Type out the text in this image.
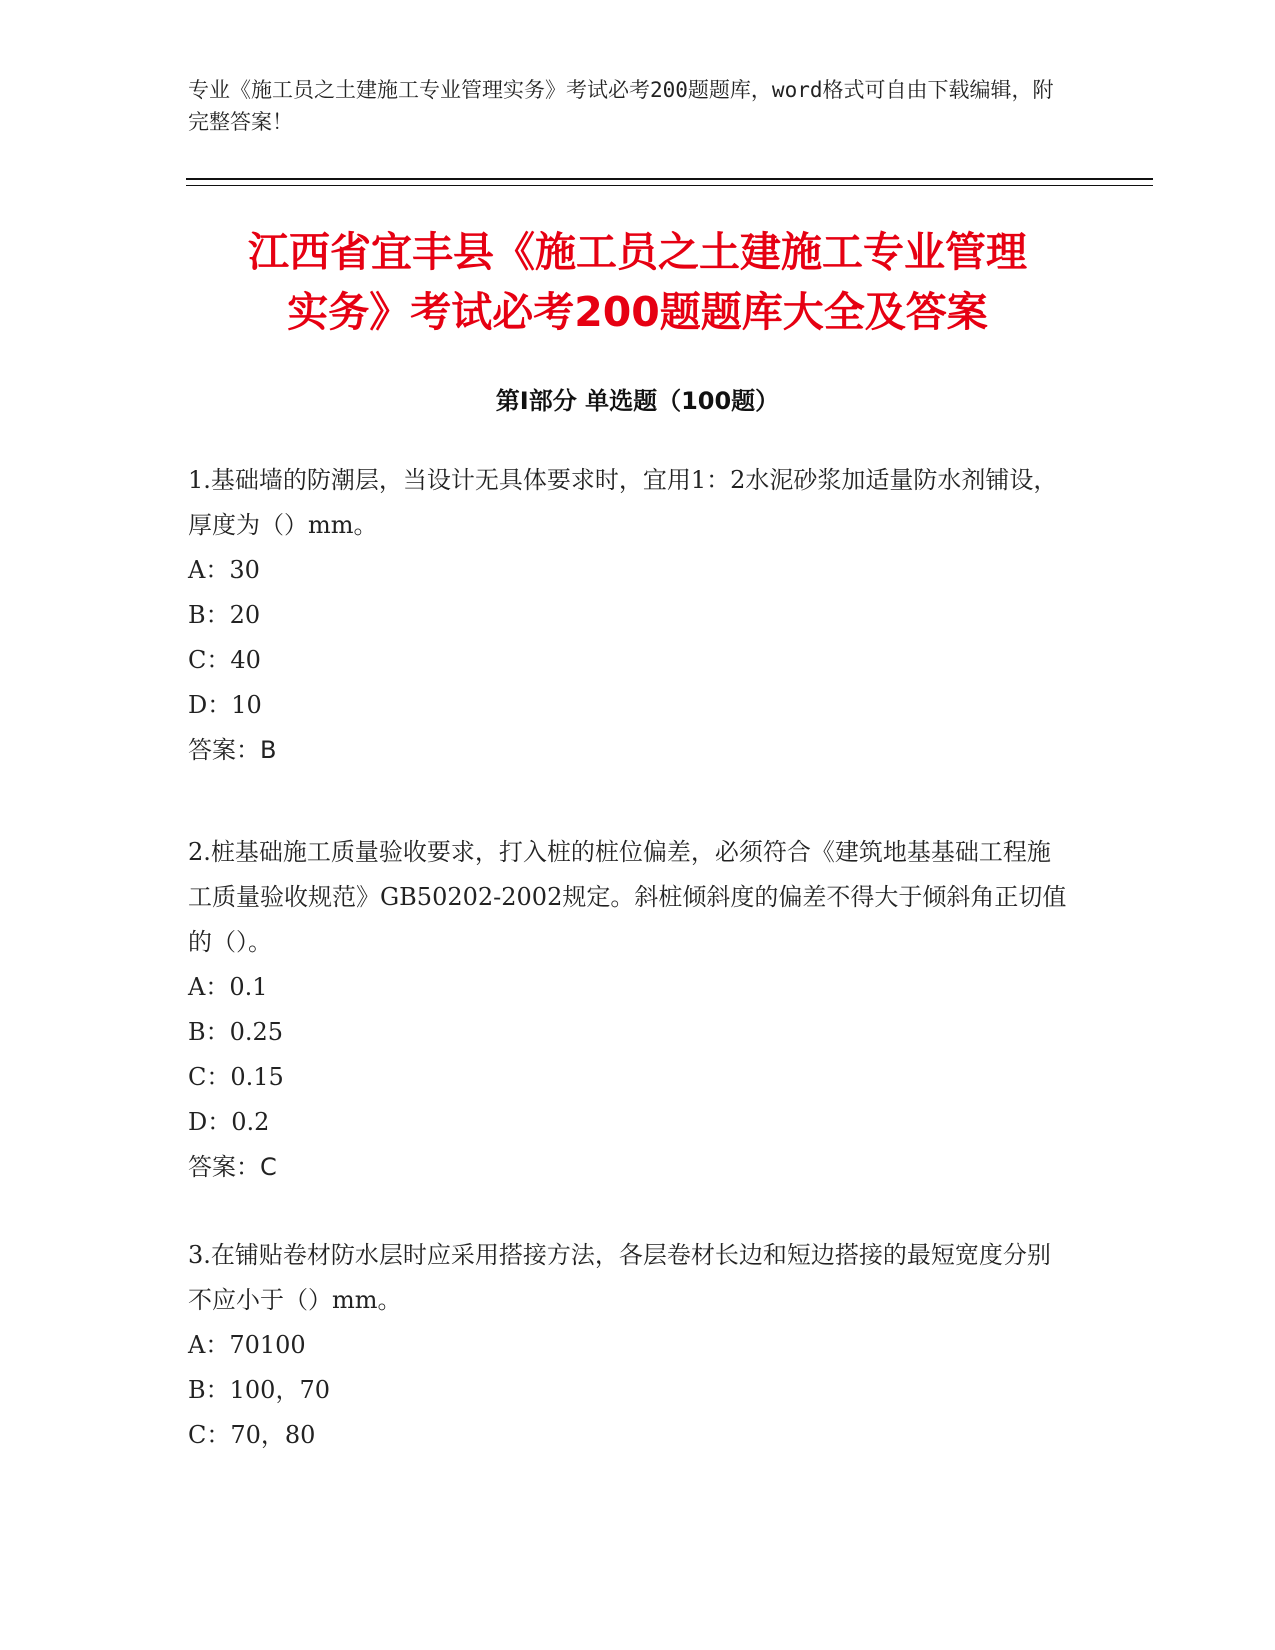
专业《施工员之土建施工专业管理实务》考试必考200题题库，word格式可自由下载编辑，附完整答案！
江西省宜丰县《施工员之土建施工专业管理
实务》考试必考200题题库大全及答案
第Ⅰ部分 单选题（100题）

1.基础墙的防潮层，当设计无具体要求时，宜用1：2水泥砂浆加适量防水剂铺设，厚度为（）mm。

A：30

B：20

C：40

D：10

答案：B

2.桩基础施工质量验收要求，打入桩的桩位偏差，必须符合《建筑地基基础工程施工质量验收规范》GB50202-2002规定。斜桩倾斜度的偏差不得大于倾斜角正切值的（）。

A：0.1

B：0.25

C：0.15

D：0.2

答案：C

3.在铺贴卷材防水层时应采用搭接方法，各层卷材长边和短边搭接的最短宽度分别不应小于（）mm。

A：70100

B：100，70

C：70，80
